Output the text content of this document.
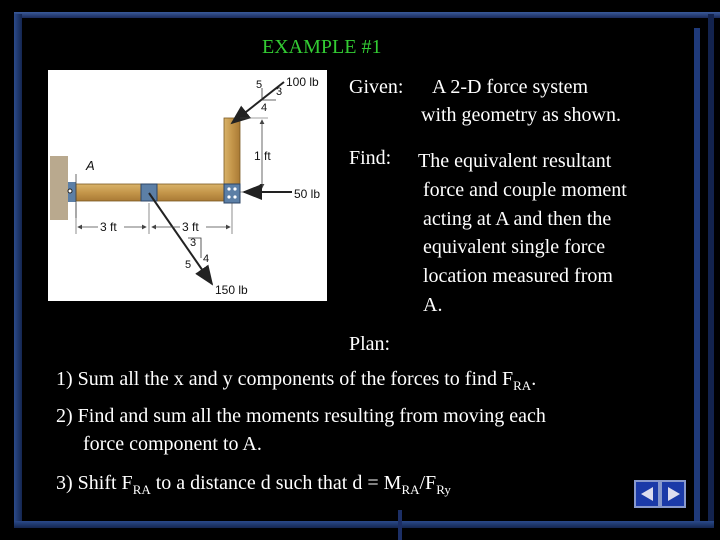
EXAMPLE #1
100 lb
5
3
4
1 ft
50 lb
150 lb
3
5 4
3 ft	3 ft
A
Given: A 2-D force system
with geometry as shown.
Find:	The equivalent resultant
force and couple moment
acting at A and then the
equivalent single force
location measured from
A.
Plan:
1) Sum all the x and y components of the forces to find $F_{RA}$.
2) Find and sum all the moments resulting from moving each
force component to A.
3) Shift $F_{RA}$ to a distance d such that $d = M_{RA}/F_{Ry}$
